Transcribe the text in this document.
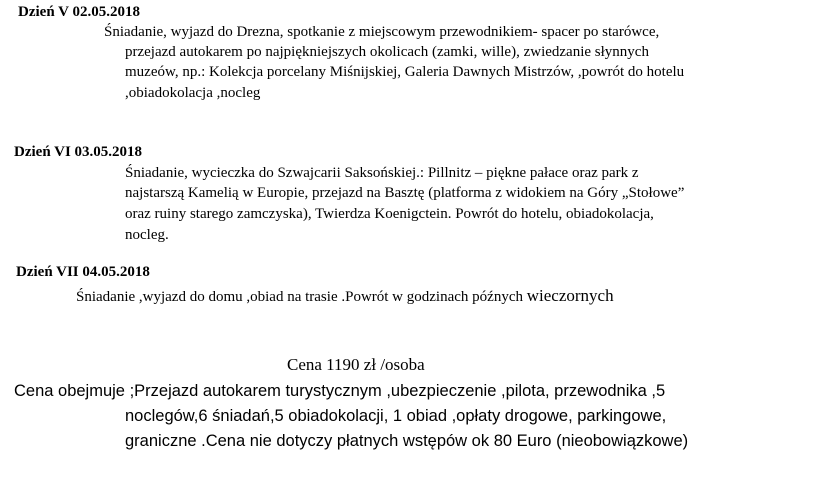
Dzień V 02.05.2018
Śniadanie, wyjazd do Drezna, spotkanie z miejscowym przewodnikiem- spacer po starówce,
przejazd autokarem po najpiękniejszych okolicach (zamki, wille), zwiedzanie słynnych
muzeów, np.: Kolekcja porcelany Miśnijskiej, Galeria Dawnych Mistrzów, ,powrót do hotelu
,obiadokolacja ,nocleg
Dzień VI 03.05.2018
Śniadanie, wycieczka do Szwajcarii Saksońskiej.: Pillnitz – piękne pałace oraz park z
najstarszą Kamelią w Europie, przejazd na Basztę (platforma z widokiem na Góry „Stołowe”
oraz ruiny starego zamczyska), Twierdza Koenigctein. Powrót do hotelu, obiadokolacja,
nocleg.
Dzień VII 04.05.2018
Śniadanie ,wyjazd do domu ,obiad na trasie .Powrót w godzinach późnych wieczornych
Cena 1190 zł /osoba
Cena obejmuje ;Przejazd autokarem turystycznym ,ubezpieczenie ,pilota, przewodnika ,5
noclegów,6 śniadań,5 obiadokolacji, 1 obiad ,opłaty drogowe, parkingowe,
graniczne .Cena nie dotyczy płatnych wstępów ok 80 Euro (nieobowiązkowe)
